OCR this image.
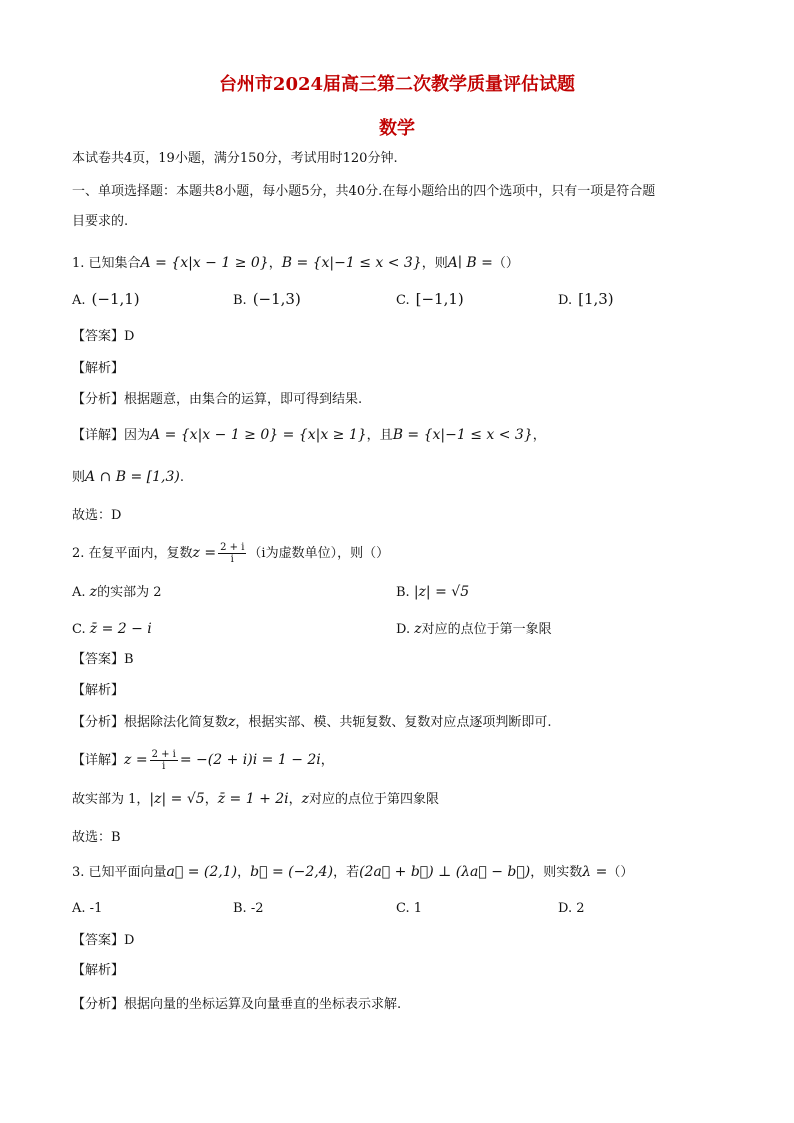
台州市2024届高三第二次教学质量评估试题
数学
本试卷共4页，19小题，满分150分，考试用时120分钟.
一、单项选择题：本题共8小题，每小题5分，共40分.在每小题给出的四个选项中，只有一项是符合题
目要求的.
1. 已知集合A = {x|x − 1 ≥ 0}，B = {x|−1 ≤ x < 3}，则A∣ B =（）
A. (−1,1)	B. (−1,3)	C. [−1,1)	D. [1,3)
【答案】D
【解析】
【分析】根据题意，由集合的运算，即可得到结果.
【详解】因为A = {x|x − 1 ≥ 0} = {x|x ≥ 1}，且B = {x|−1 ≤ x < 3}，
则A ∩ B = [1,3).
故选：D
2. 在复平面内，复数$z = \frac{2 + i}{i} (i$为虚数单位），则（）
A. z的实部为 2	B. |z| = √5
C. z̄ = 2 − i	D. z对应的点位于第一象限
【答案】B
【解析】
【分析】根据除法化简复数z，根据实部、模、共轭复数、复数对应点逐项判断即可.
【详解】$z = \frac{2 + i}{i} = -(2 + i)i = 1 - 2i$，
故实部为 1，|z| = √5，z̄ = 1 + 2i，z对应的点位于第四象限
故选：B
3. 已知平面向量a⃗ = (2,1)，b⃗ = (−2,4)，若(2a⃗ + b⃗) ⊥ (λa⃗ − b⃗)，则实数λ =（）
A. -1	B. -2	C. 1	D. 2
【答案】D
【解析】
【分析】根据向量的坐标运算及向量垂直的坐标表示求解.
